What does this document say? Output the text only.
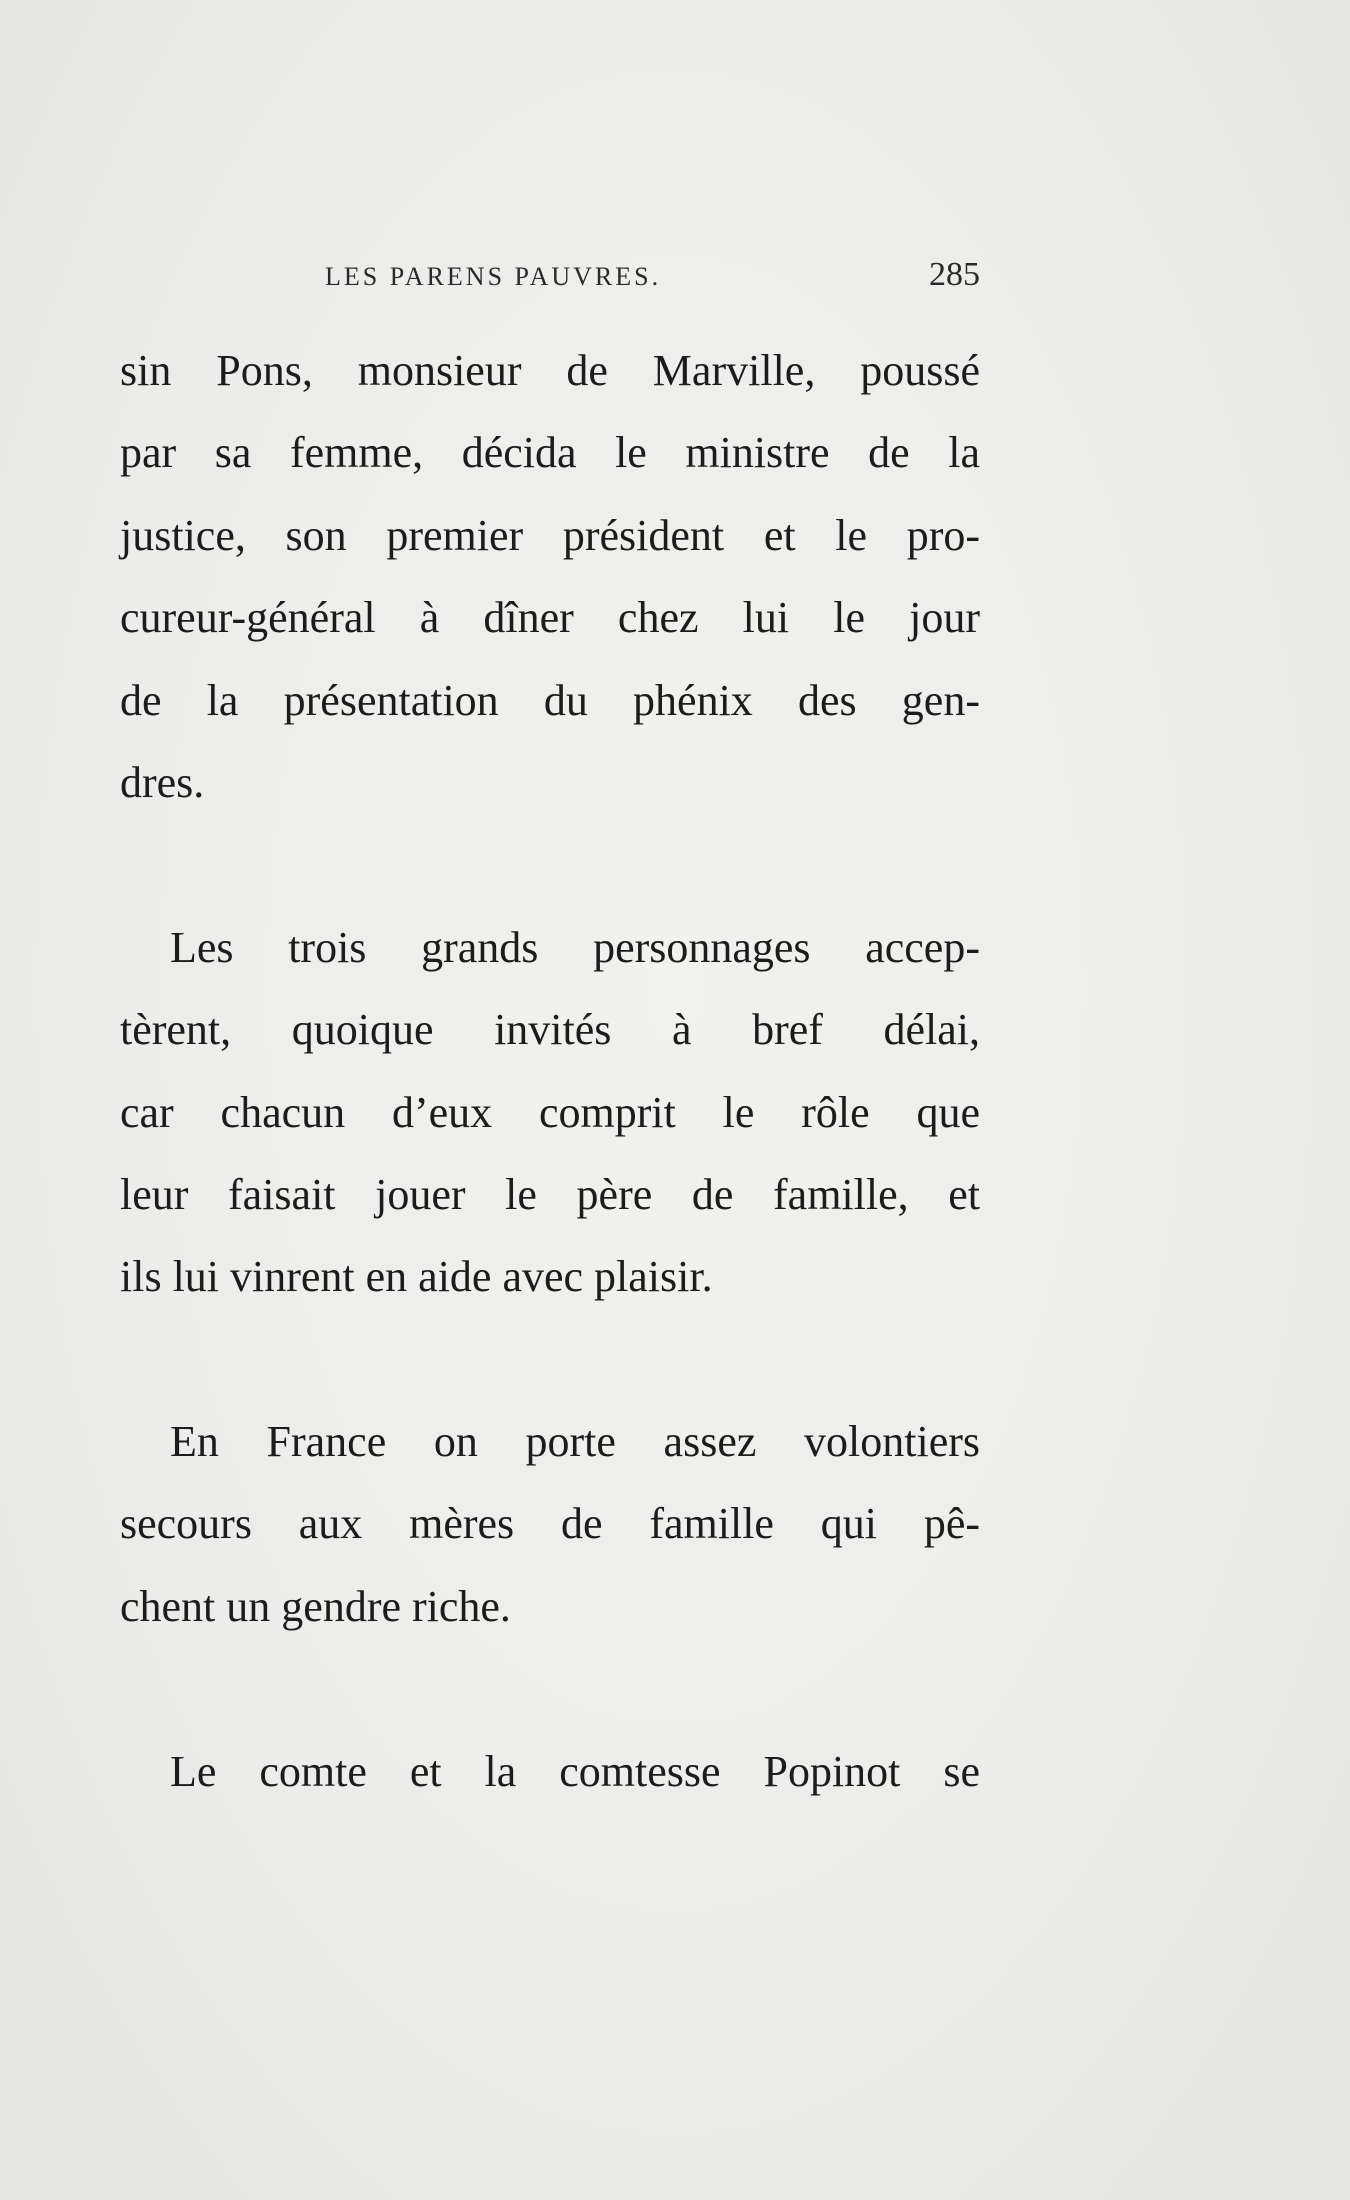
LES PARENS PAUVRES.	285
sin Pons, monsieur de Marville, poussé
par sa femme, décida le ministre de la
justice, son premier président et le pro-
cureur-général à dîner chez lui le jour
de la présentation du phénix des gen-
dres.
Les trois grands personnages accep-
tèrent, quoique invités à bref délai,
car chacun d’eux comprit le rôle que
leur faisait jouer le père de famille, et
ils lui vinrent en aide avec plaisir.
En France on porte assez volontiers
secours aux mères de famille qui pê-
chent un gendre riche.
Le comte et la comtesse Popinot se
